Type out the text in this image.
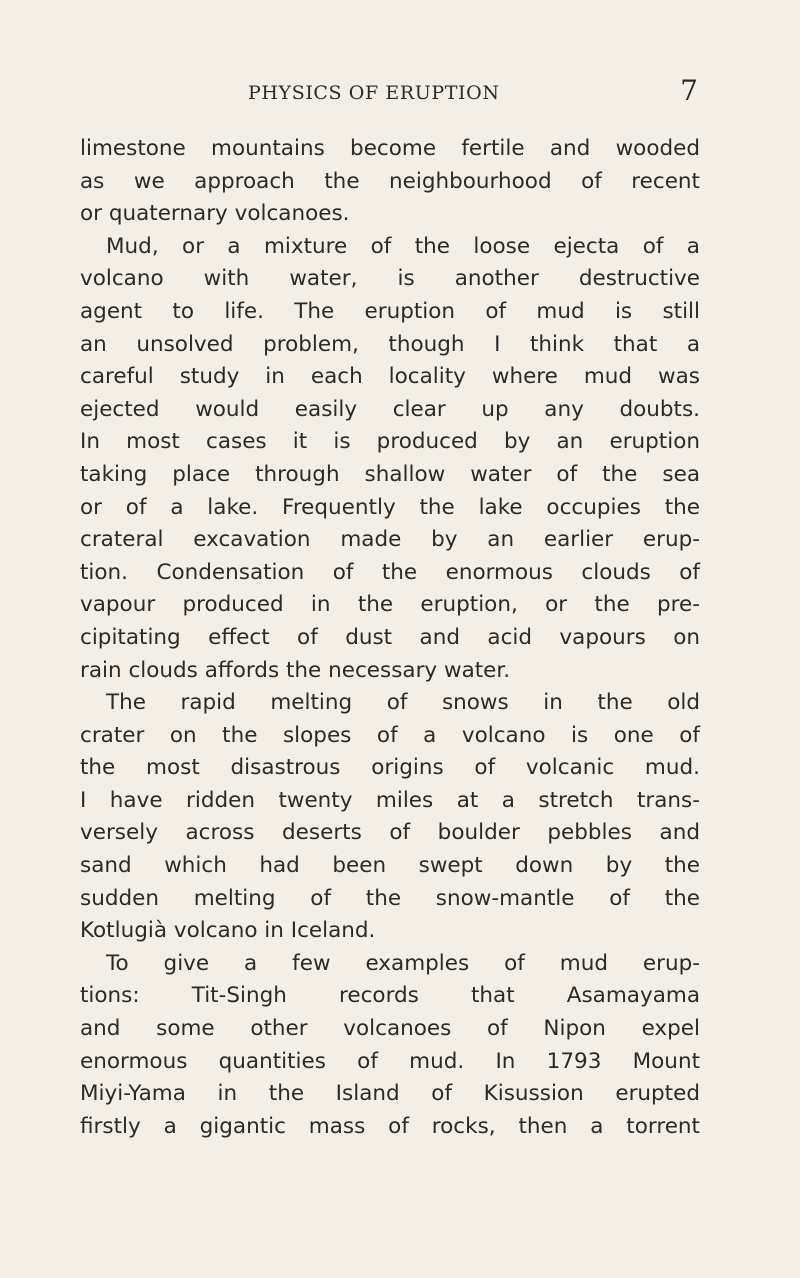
PHYSICS OF ERUPTION	7
limestone mountains become fertile and wooded
as we approach the neighbourhood of recent
or quaternary volcanoes.
Mud, or a mixture of the loose ejecta of a
volcano with water, is another destructive
agent to life. The eruption of mud is still
an unsolved problem, though I think that a
careful study in each locality where mud was
ejected would easily clear up any doubts.
In most cases it is produced by an eruption
taking place through shallow water of the sea
or of a lake. Frequently the lake occupies the
crateral excavation made by an earlier erup-
tion. Condensation of the enormous clouds of
vapour produced in the eruption, or the pre-
cipitating effect of dust and acid vapours on
rain clouds affords the necessary water.
The rapid melting of snows in the old
crater on the slopes of a volcano is one of
the most disastrous origins of volcanic mud.
I have ridden twenty miles at a stretch trans-
versely across deserts of boulder pebbles and
sand which had been swept down by the
sudden melting of the snow-mantle of the
Kotlugià volcano in Iceland.
To give a few examples of mud erup-
tions: Tit-Singh records that Asamayama
and some other volcanoes of Nipon expel
enormous quantities of mud. In 1793 Mount
Miyi-Yama in the Island of Kisussion erupted
firstly a gigantic mass of rocks, then a torrent
